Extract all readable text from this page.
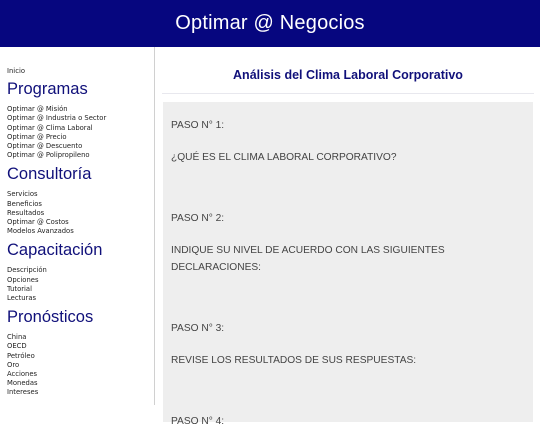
Optimar @ Negocios
Inicio
Programas
Optimar @ Misión
Optimar @ Industria o Sector
Optimar @ Clima Laboral
Optimar @ Precio
Optimar @ Descuento
Optimar @ Polipropileno
Consultoría
Servicios
Beneficios
Resultados
Optimar @ Costos
Modelos Avanzados
Capacitación
Descripción
Opciones
Tutorial
Lecturas
Pronósticos
China
OECD
Petróleo
Oro
Acciones
Monedas
Intereses
Análisis del Clima Laboral Corporativo

PASO N° 1:

¿QUÉ ES EL CLIMA LABORAL CORPORATIVO?

PASO N° 2:

INDIQUE SU NIVEL DE ACUERDO CON LAS SIGUIENTES DECLARACIONES:

PASO N° 3:

REVISE LOS RESULTADOS DE SUS RESPUESTAS:

PASO N° 4:
